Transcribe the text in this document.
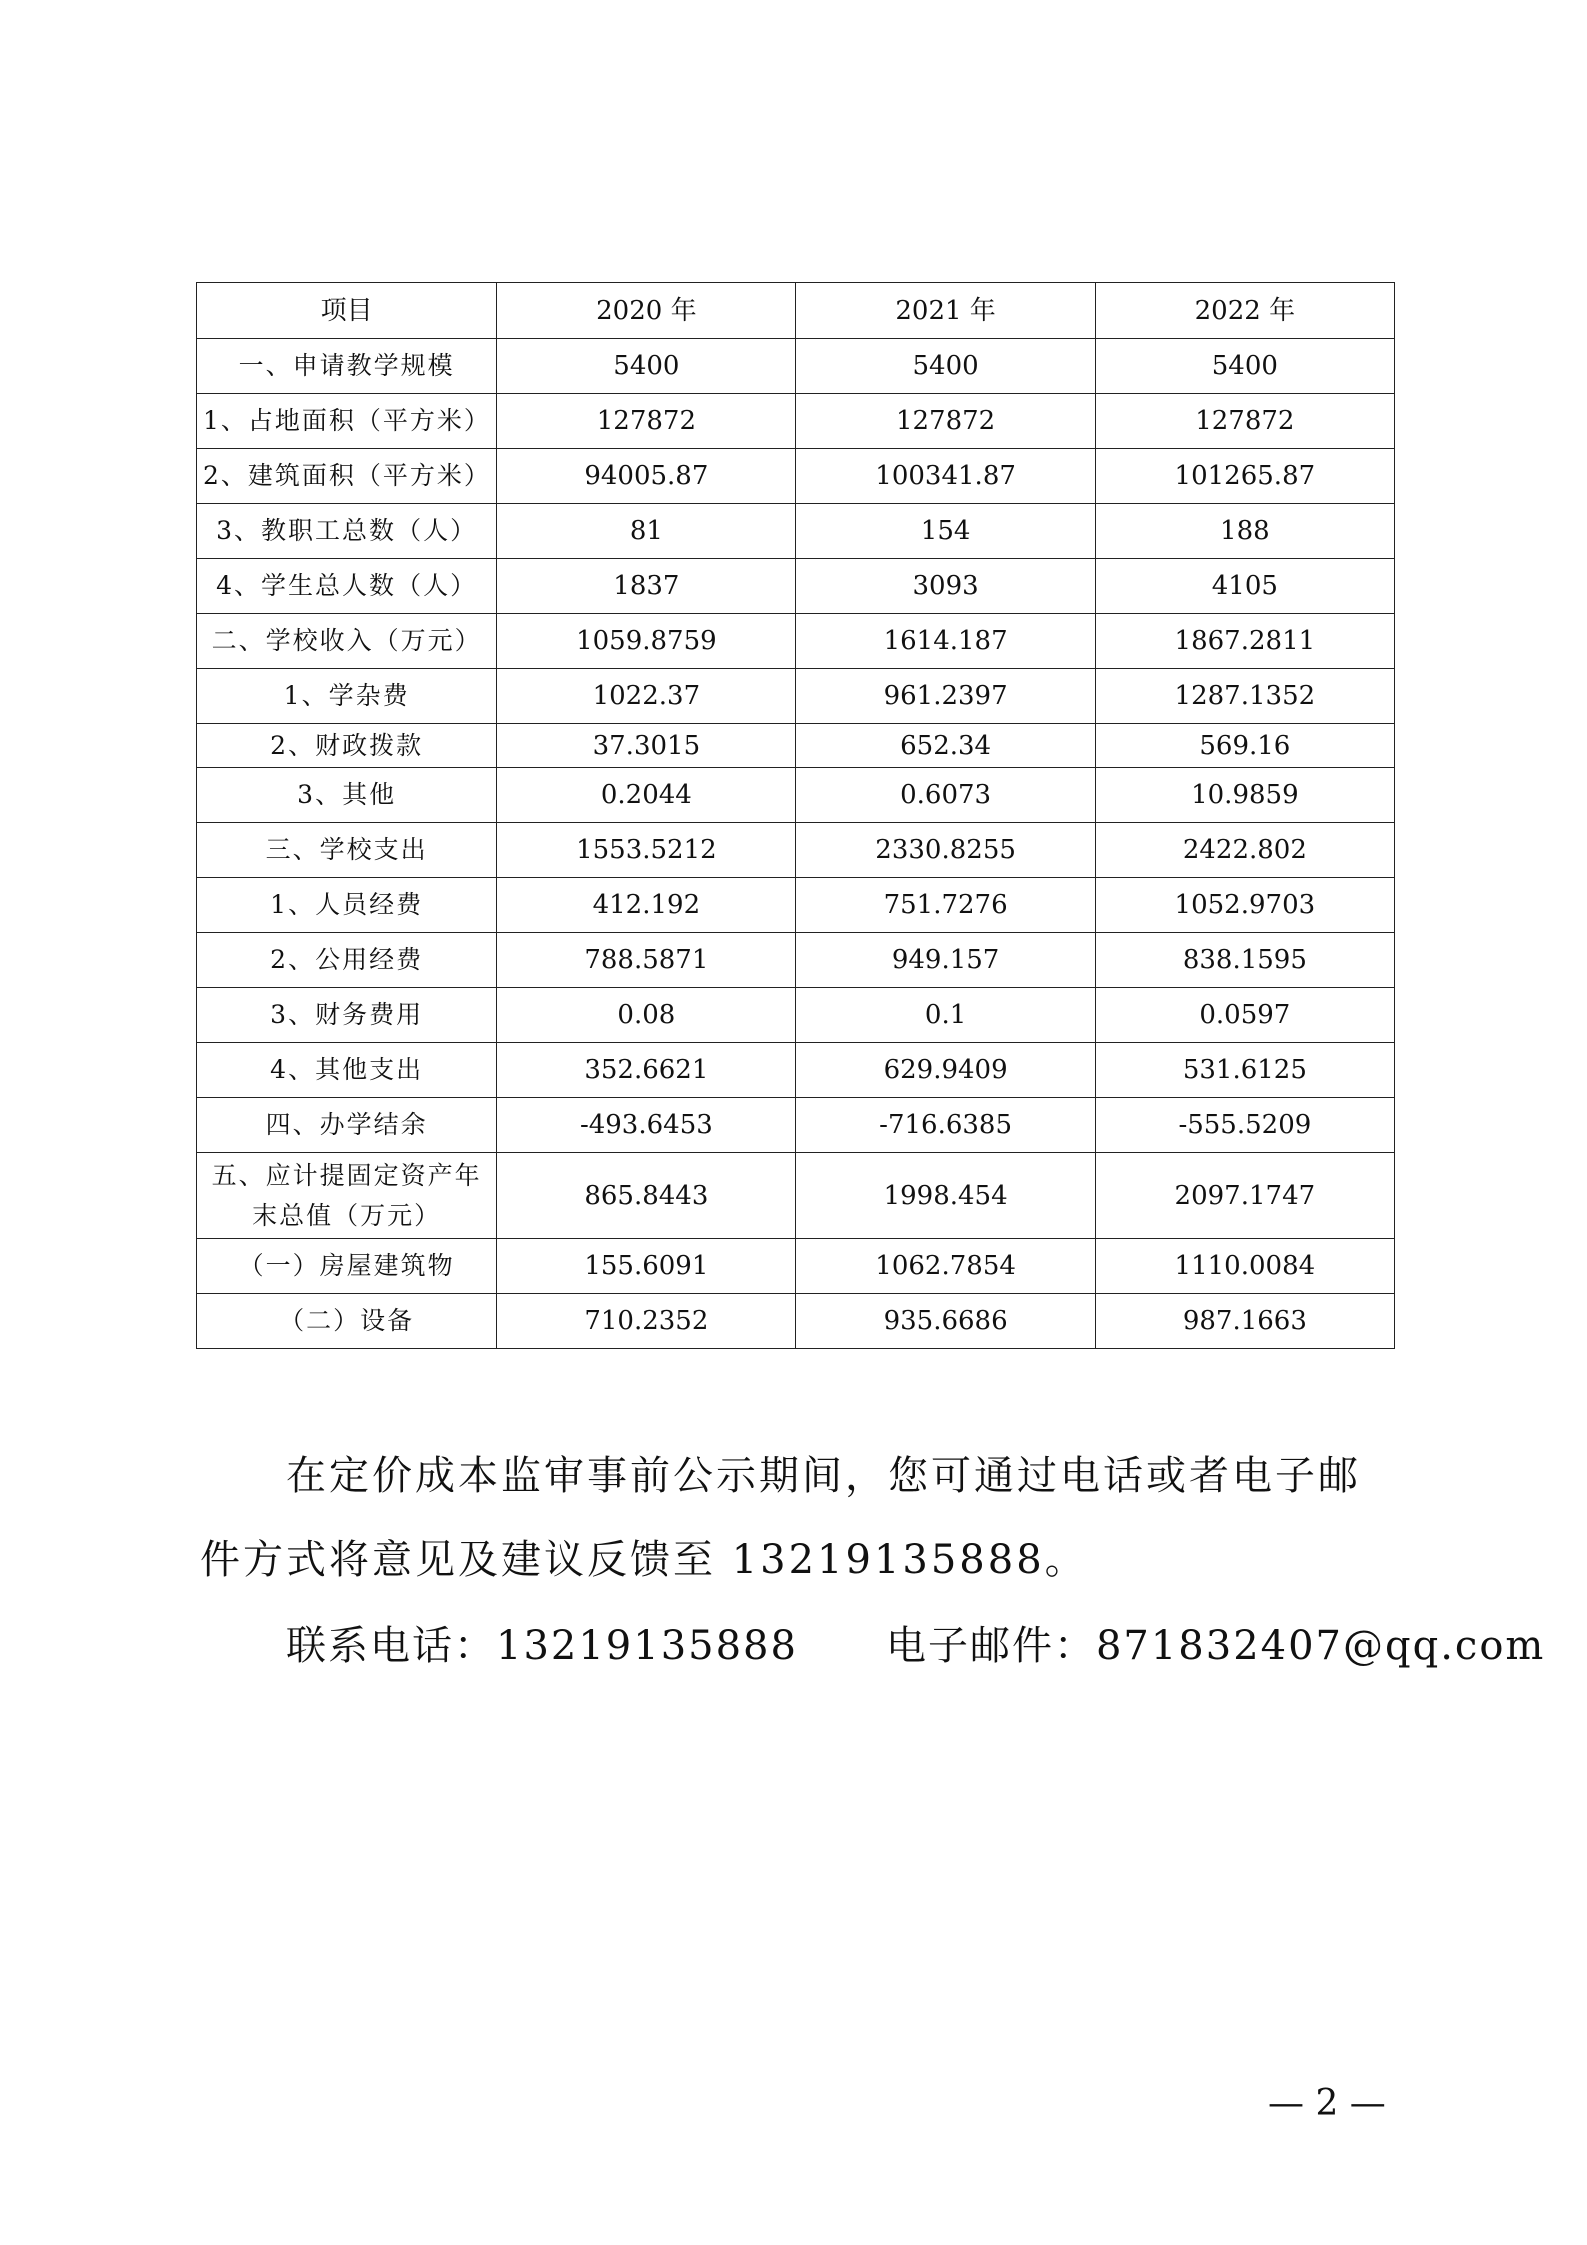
项目	2020 年	2021 年	2022 年
一、申请教学规模	5400	5400	5400
1、占地面积（平方米）	127872	127872	127872
2、建筑面积（平方米）	94005.87	100341.87	101265.87
3、教职工总数（人）	81	154	188
4、学生总人数（人）	1837	3093	4105
二、学校收入（万元）	1059.8759	1614.187	1867.2811
1、学杂费	1022.37	961.2397	1287.1352
2、财政拨款	37.3015	652.34	569.16
3、其他	0.2044	0.6073	10.9859
三、学校支出	1553.5212	2330.8255	2422.802
1、人员经费	412.192	751.7276	1052.9703
2、公用经费	788.5871	949.157	838.1595
3、财务费用	0.08	0.1	0.0597
4、其他支出	352.6621	629.9409	531.6125
四、办学结余	-493.6453	-716.6385	-555.5209
五、应计提固定资产年末总值（万元）	865.8443	1998.454	2097.1747
（一）房屋建筑物	155.6091	1062.7854	1110.0084
（二）设备	710.2352	935.6686	987.1663

在定价成本监审事前公示期间，您可通过电话或者电子邮件方式将意见及建议反馈至 13219135888。

联系电话：13219135888 电子邮件：871832407@qq.com
— 2 —
